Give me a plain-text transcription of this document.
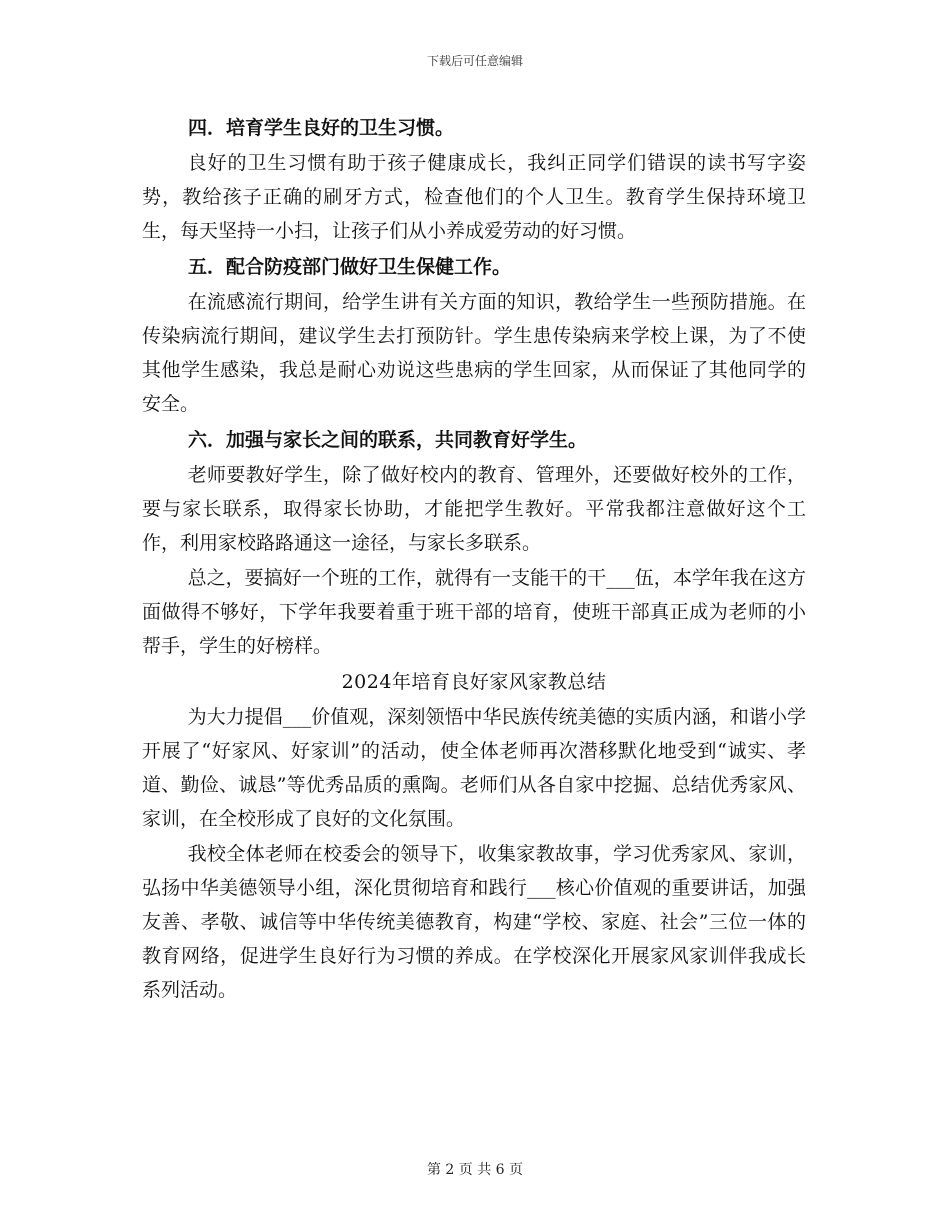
下载后可任意编辑
四．培育学生良好的卫生习惯。

良好的卫生习惯有助于孩子健康成长，我纠正同学们错误的读书写字姿势，教给孩子正确的刷牙方式，检查他们的个人卫生。教育学生保持环境卫生，每天坚持一小扫，让孩子们从小养成爱劳动的好习惯。

五．配合防疫部门做好卫生保健工作。

在流感流行期间，给学生讲有关方面的知识，教给学生一些预防措施。在传染病流行期间，建议学生去打预防针。学生患传染病来学校上课，为了不使其他学生感染，我总是耐心劝说这些患病的学生回家，从而保证了其他同学的安全。

六．加强与家长之间的联系，共同教育好学生。

老师要教好学生，除了做好校内的教育、管理外，还要做好校外的工作，要与家长联系，取得家长协助，才能把学生教好。平常我都注意做好这个工作，利用家校路路通这一途径，与家长多联系。

总之，要搞好一个班的工作，就得有一支能干的干___伍，本学年我在这方面做得不够好，下学年我要着重于班干部的培育，使班干部真正成为老师的小帮手，学生的好榜样。

2024年培育良好家风家教总结

为大力提倡___价值观，深刻领悟中华民族传统美德的实质内涵，和谐小学开展了“好家风、好家训”的活动，使全体老师再次潜移默化地受到“诚实、孝道、勤俭、诚恳”等优秀品质的熏陶。老师们从各自家中挖掘、总结优秀家风、家训，在全校形成了良好的文化氛围。

我校全体老师在校委会的领导下，收集家教故事，学习优秀家风、家训，弘扬中华美德领导小组，深化贯彻培育和践行___核心价值观的重要讲话，加强友善、孝敬、诚信等中华传统美德教育，构建“学校、家庭、社会”三位一体的教育网络，促进学生良好行为习惯的养成。在学校深化开展家风家训伴我成长系列活动。

第 2 页 共 6 页
